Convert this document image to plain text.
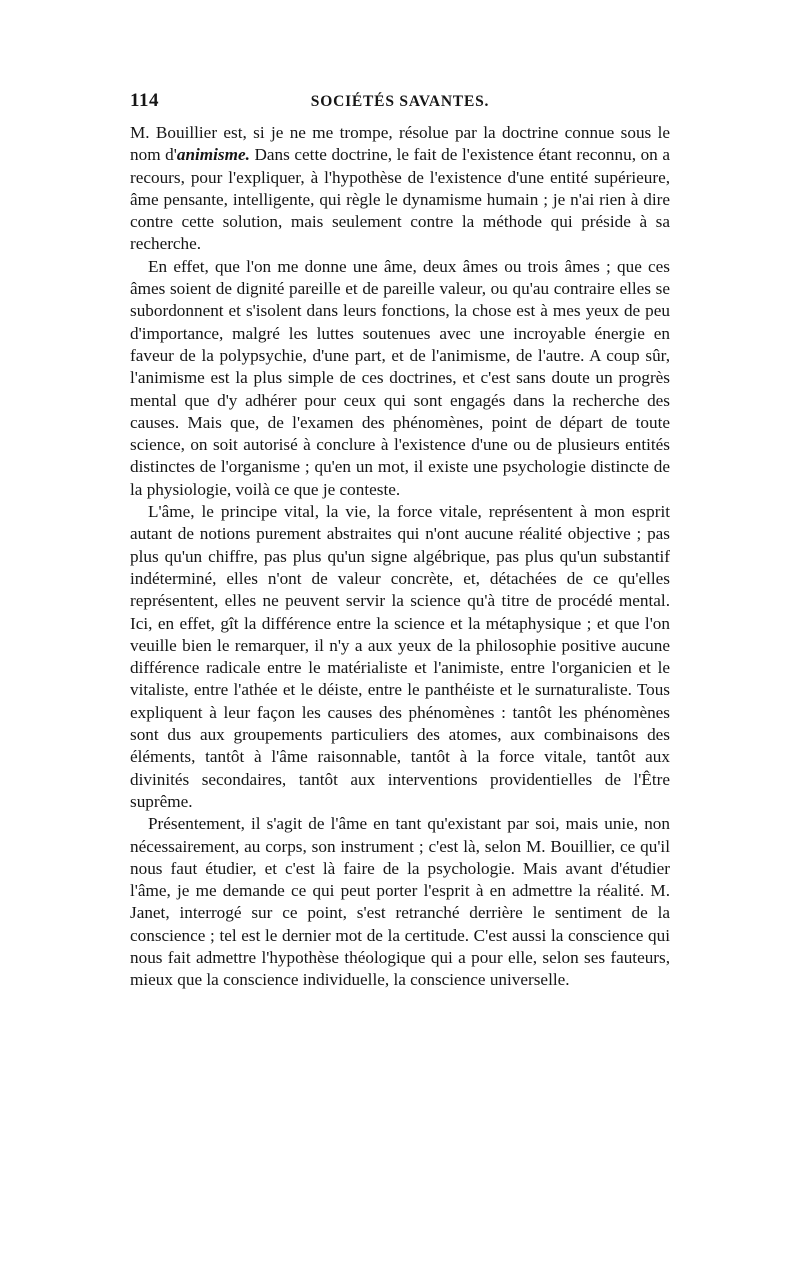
114	SOCIÉTÉS SAVANTES.

M. Bouillier est, si je ne me trompe, résolue par la doctrine connue sous le nom d'animisme. Dans cette doctrine, le fait de l'existence étant reconnu, on a recours, pour l'expliquer, à l'hypothèse de l'existence d'une entité supérieure, âme pensante, intelligente, qui règle le dynamisme humain ; je n'ai rien à dire contre cette solution, mais seulement contre la méthode qui préside à sa recherche.

En effet, que l'on me donne une âme, deux âmes ou trois âmes ; que ces âmes soient de dignité pareille et de pareille valeur, ou qu'au contraire elles se subordonnent et s'isolent dans leurs fonctions, la chose est à mes yeux de peu d'importance, malgré les luttes soutenues avec une incroyable énergie en faveur de la polypsychie, d'une part, et de l'animisme, de l'autre. A coup sûr, l'animisme est la plus simple de ces doctrines, et c'est sans doute un progrès mental que d'y adhérer pour ceux qui sont engagés dans la recherche des causes. Mais que, de l'examen des phénomènes, point de départ de toute science, on soit autorisé à conclure à l'existence d'une ou de plusieurs entités distinctes de l'organisme ; qu'en un mot, il existe une psychologie distincte de la physiologie, voilà ce que je conteste.

L'âme, le principe vital, la vie, la force vitale, représentent à mon esprit autant de notions purement abstraites qui n'ont aucune réalité objective ; pas plus qu'un chiffre, pas plus qu'un signe algébrique, pas plus qu'un substantif indéterminé, elles n'ont de valeur concrète, et, détachées de ce qu'elles représentent, elles ne peuvent servir la science qu'à titre de procédé mental. Ici, en effet, gît la différence entre la science et la métaphysique ; et que l'on veuille bien le remarquer, il n'y a aux yeux de la philosophie positive aucune différence radicale entre le matérialiste et l'animiste, entre l'organicien et le vitaliste, entre l'athée et le déiste, entre le panthéiste et le surnaturaliste. Tous expliquent à leur façon les causes des phénomènes : tantôt les phénomènes sont dus aux groupements particuliers des atomes, aux combinaisons des éléments, tantôt à l'âme raisonnable, tantôt à la force vitale, tantôt aux divinités secondaires, tantôt aux interventions providentielles de l'Être suprême.

Présentement, il s'agit de l'âme en tant qu'existant par soi, mais unie, non nécessairement, au corps, son instrument ; c'est là, selon M. Bouillier, ce qu'il nous faut étudier, et c'est là faire de la psychologie. Mais avant d'étudier l'âme, je me demande ce qui peut porter l'esprit à en admettre la réalité. M. Janet, interrogé sur ce point, s'est retranché derrière le sentiment de la conscience ; tel est le dernier mot de la certitude. C'est aussi la conscience qui nous fait admettre l'hypothèse théologique qui a pour elle, selon ses fauteurs, mieux que la conscience individuelle, la conscience universelle.
